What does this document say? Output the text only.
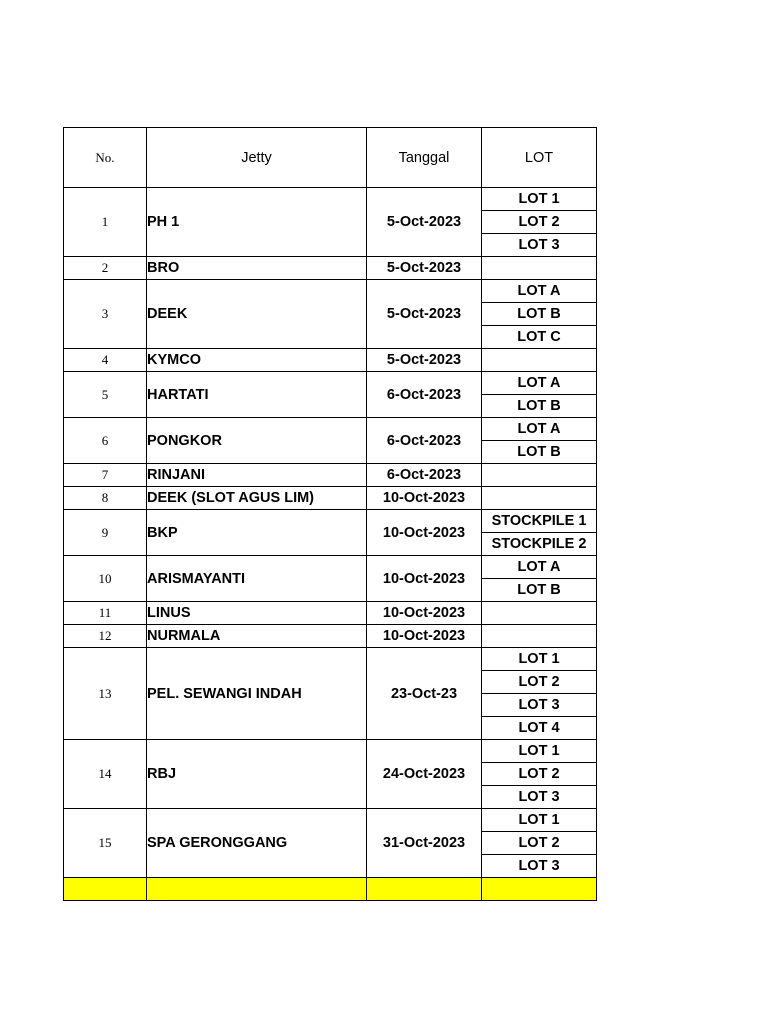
No.	Jetty	Tanggal	LOT
1	PH 1	5-Oct-2023	LOT 1
			LOT 2
			LOT 3
2	BRO	5-Oct-2023	
3	DEEK	5-Oct-2023	LOT A
			LOT B
			LOT C
4	KYMCO	5-Oct-2023	
5	HARTATI	6-Oct-2023	LOT A
			LOT B
6	PONGKOR	6-Oct-2023	LOT A
			LOT B
7	RINJANI	6-Oct-2023	
8	DEEK (SLOT AGUS LIM)	10-Oct-2023	
9	BKP	10-Oct-2023	STOCKPILE 1
			STOCKPILE 2
10	ARISMAYANTI	10-Oct-2023	LOT A
			LOT B
11	LINUS	10-Oct-2023	
12	NURMALA	10-Oct-2023	
13	PEL. SEWANGI INDAH	23-Oct-23	LOT 1
			LOT 2
			LOT 3
			LOT 4
14	RBJ	24-Oct-2023	LOT 1
			LOT 2
			LOT 3
15	SPA GERONGGANG	31-Oct-2023	LOT 1
			LOT 2
			LOT 3
